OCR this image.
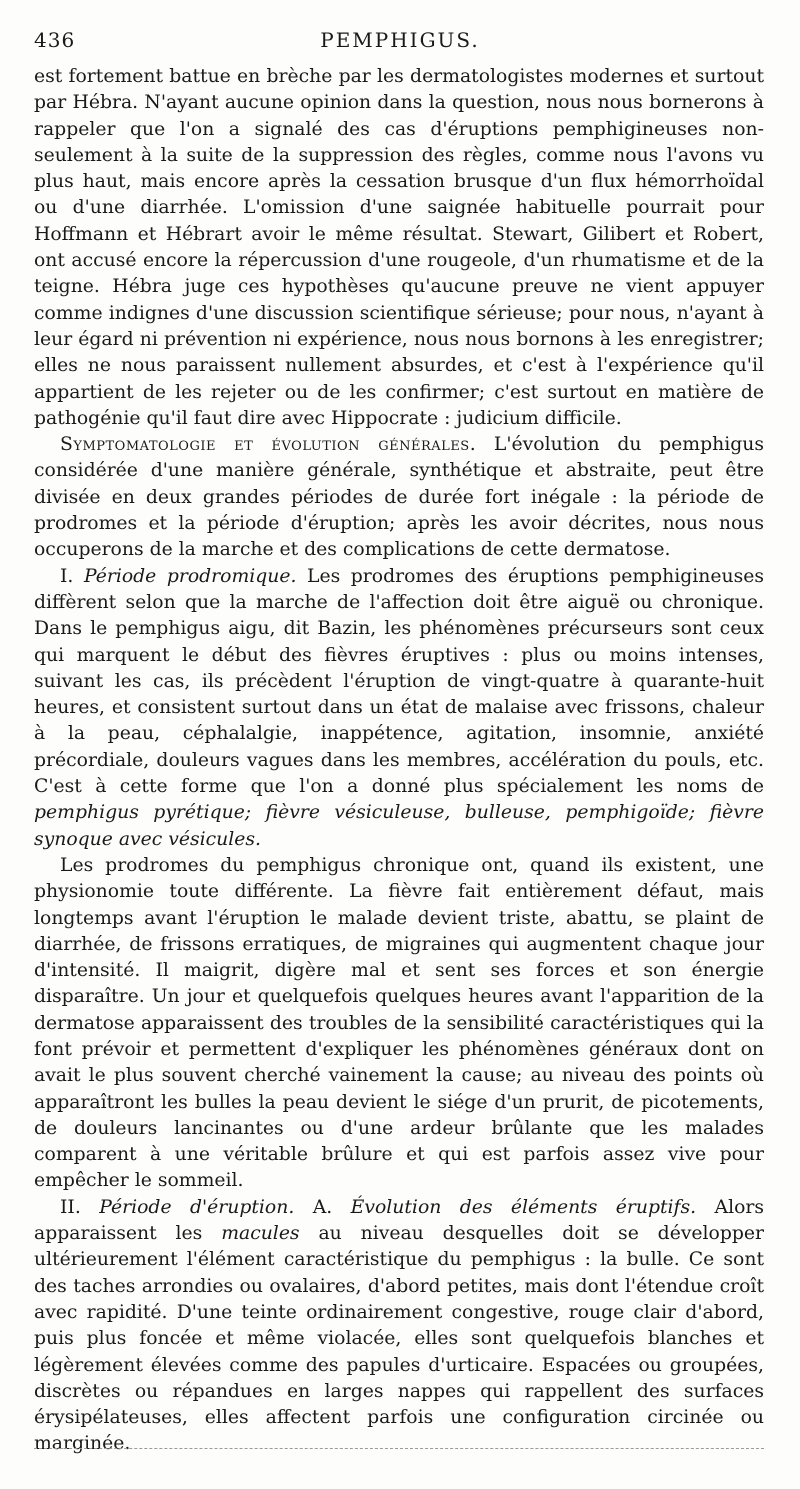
436	PEMPHIGUS.

est fortement battue en brèche par les dermatologistes modernes et surtout par Hébra. N'ayant aucune opinion dans la question, nous nous bornerons à rappeler que l'on a signalé des cas d'éruptions pemphigineuses non-seulement à la suite de la suppression des règles, comme nous l'avons vu plus haut, mais encore après la cessation brusque d'un flux hémorrhoïdal ou d'une diarrhée. L'omission d'une saignée habituelle pourrait pour Hoffmann et Hébrart avoir le même résultat. Stewart, Gilibert et Robert, ont accusé encore la répercussion d'une rougeole, d'un rhumatisme et de la teigne. Hébra juge ces hypothèses qu'aucune preuve ne vient appuyer comme indignes d'une discussion scientifique sérieuse; pour nous, n'ayant à leur égard ni prévention ni expérience, nous nous bornons à les enregistrer; elles ne nous paraissent nullement absurdes, et c'est à l'expérience qu'il appartient de les rejeter ou de les confirmer; c'est surtout en matière de pathogénie qu'il faut dire avec Hippocrate : judicium difficile.

Symptomatologie et évolution générales. L'évolution du pemphigus considérée d'une manière générale, synthétique et abstraite, peut être divisée en deux grandes périodes de durée fort inégale : la période de prodromes et la période d'éruption; après les avoir décrites, nous nous occuperons de la marche et des complications de cette dermatose.

I. Période prodromique. Les prodromes des éruptions pemphigineuses diffèrent selon que la marche de l'affection doit être aiguë ou chronique. Dans le pemphigus aigu, dit Bazin, les phénomènes précurseurs sont ceux qui marquent le début des fièvres éruptives : plus ou moins intenses, suivant les cas, ils précèdent l'éruption de vingt-quatre à quarante-huit heures, et consistent surtout dans un état de malaise avec frissons, chaleur à la peau, céphalalgie, inappétence, agitation, insomnie, anxiété précordiale, douleurs vagues dans les membres, accélération du pouls, etc. C'est à cette forme que l'on a donné plus spécialement les noms de pemphigus pyrétique; fièvre vésiculeuse, bulleuse, pemphigoïde; fièvre synoque avec vésicules.

Les prodromes du pemphigus chronique ont, quand ils existent, une physionomie toute différente. La fièvre fait entièrement défaut, mais longtemps avant l'éruption le malade devient triste, abattu, se plaint de diarrhée, de frissons erratiques, de migraines qui augmentent chaque jour d'intensité. Il maigrit, digère mal et sent ses forces et son énergie disparaître. Un jour et quelquefois quelques heures avant l'apparition de la dermatose apparaissent des troubles de la sensibilité caractéristiques qui la font prévoir et permettent d'expliquer les phénomènes généraux dont on avait le plus souvent cherché vainement la cause; au niveau des points où apparaîtront les bulles la peau devient le siége d'un prurit, de picotements, de douleurs lancinantes ou d'une ardeur brûlante que les malades comparent à une véritable brûlure et qui est parfois assez vive pour empêcher le sommeil.

II. Période d'éruption. A. Évolution des éléments éruptifs. Alors apparaissent les macules au niveau desquelles doit se développer ultérieurement l'élément caractéristique du pemphigus : la bulle. Ce sont des taches arrondies ou ovalaires, d'abord petites, mais dont l'étendue croît avec rapidité. D'une teinte ordinairement congestive, rouge clair d'abord, puis plus foncée et même violacée, elles sont quelquefois blanches et légèrement élevées comme des papules d'urticaire. Espacées ou groupées, discrètes ou répandues en larges nappes qui rappellent des surfaces érysipélateuses, elles affectent parfois une configuration circinée ou marginée.
